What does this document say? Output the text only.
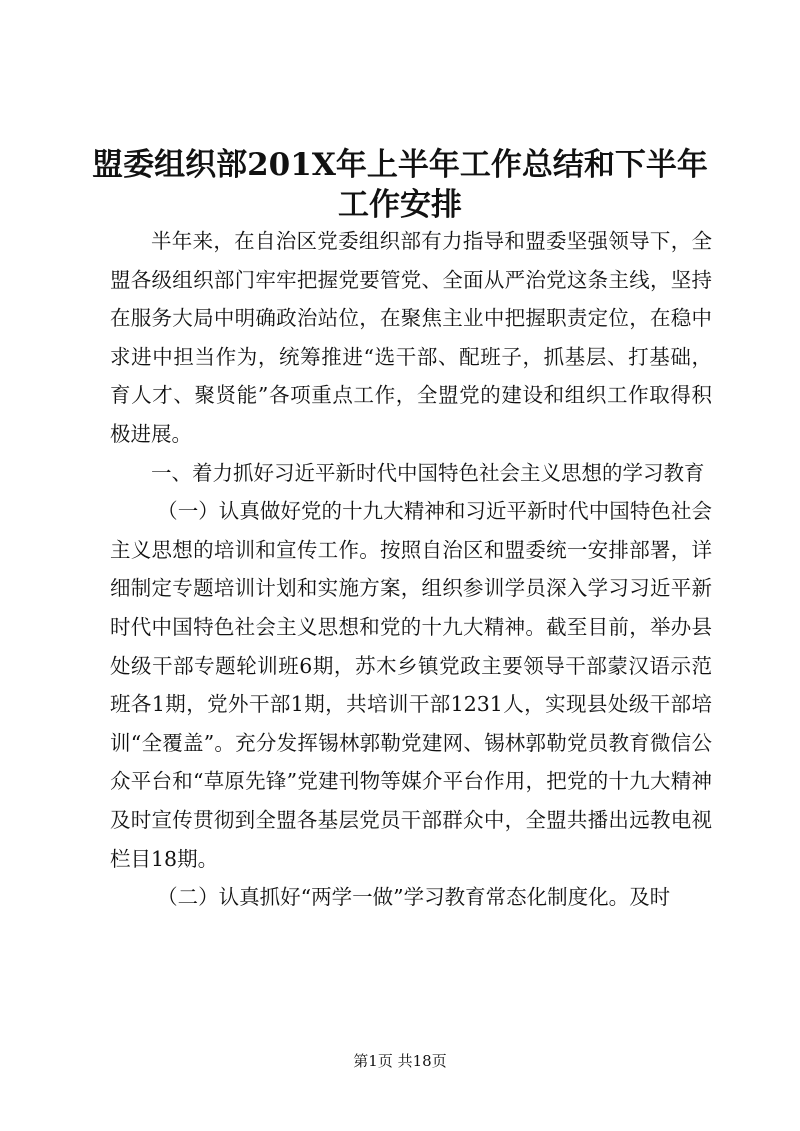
盟委组织部201X年上半年工作总结和下半年
工作安排

半年来，在自治区党委组织部有力指导和盟委坚强领导下，全盟各级组织部门牢牢把握党要管党、全面从严治党这条主线，坚持在服务大局中明确政治站位，在聚焦主业中把握职责定位，在稳中求进中担当作为，统筹推进“选干部、配班子，抓基层、打基础，育人才、聚贤能”各项重点工作，全盟党的建设和组织工作取得积极进展。

一、着力抓好习近平新时代中国特色社会主义思想的学习教育

（一）认真做好党的十九大精神和习近平新时代中国特色社会主义思想的培训和宣传工作。按照自治区和盟委统一安排部署，详细制定专题培训计划和实施方案，组织参训学员深入学习习近平新时代中国特色社会主义思想和党的十九大精神。截至目前，举办县处级干部专题轮训班6期，苏木乡镇党政主要领导干部蒙汉语示范班各1期，党外干部1期，共培训干部1231人，实现县处级干部培训“全覆盖”。充分发挥锡林郭勒党建网、锡林郭勒党员教育微信公众平台和“草原先锋”党建刊物等媒介平台作用，把党的十九大精神及时宣传贯彻到全盟各基层党员干部群众中，全盟共播出远教电视栏目18期。

（二）认真抓好“两学一做”学习教育常态化制度化。及时

第1页 共18页
